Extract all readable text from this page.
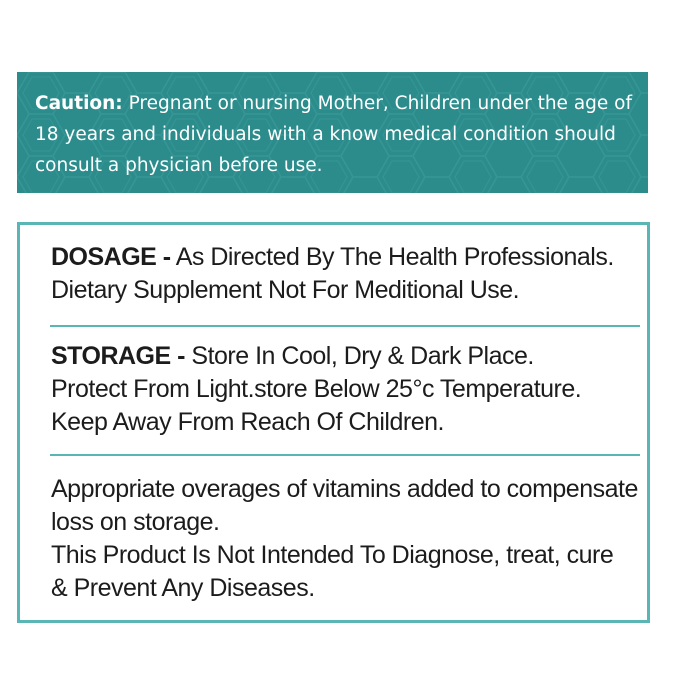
Caution: Pregnant or nursing Mother, Children under the age of 18 years and individuals with a know medical condition should consult a physician before use.
DOSAGE - As Directed By The Health Professionals.
Dietary Supplement Not For Meditional Use.
STORAGE - Store In Cool, Dry & Dark Place.
Protect From Light.store Below 25°c Temperature.
Keep Away From Reach Of Children.
Appropriate overages of vitamins added to compensate
loss on storage.
This Product Is Not Intended To Diagnose, treat, cure
& Prevent Any Diseases.
